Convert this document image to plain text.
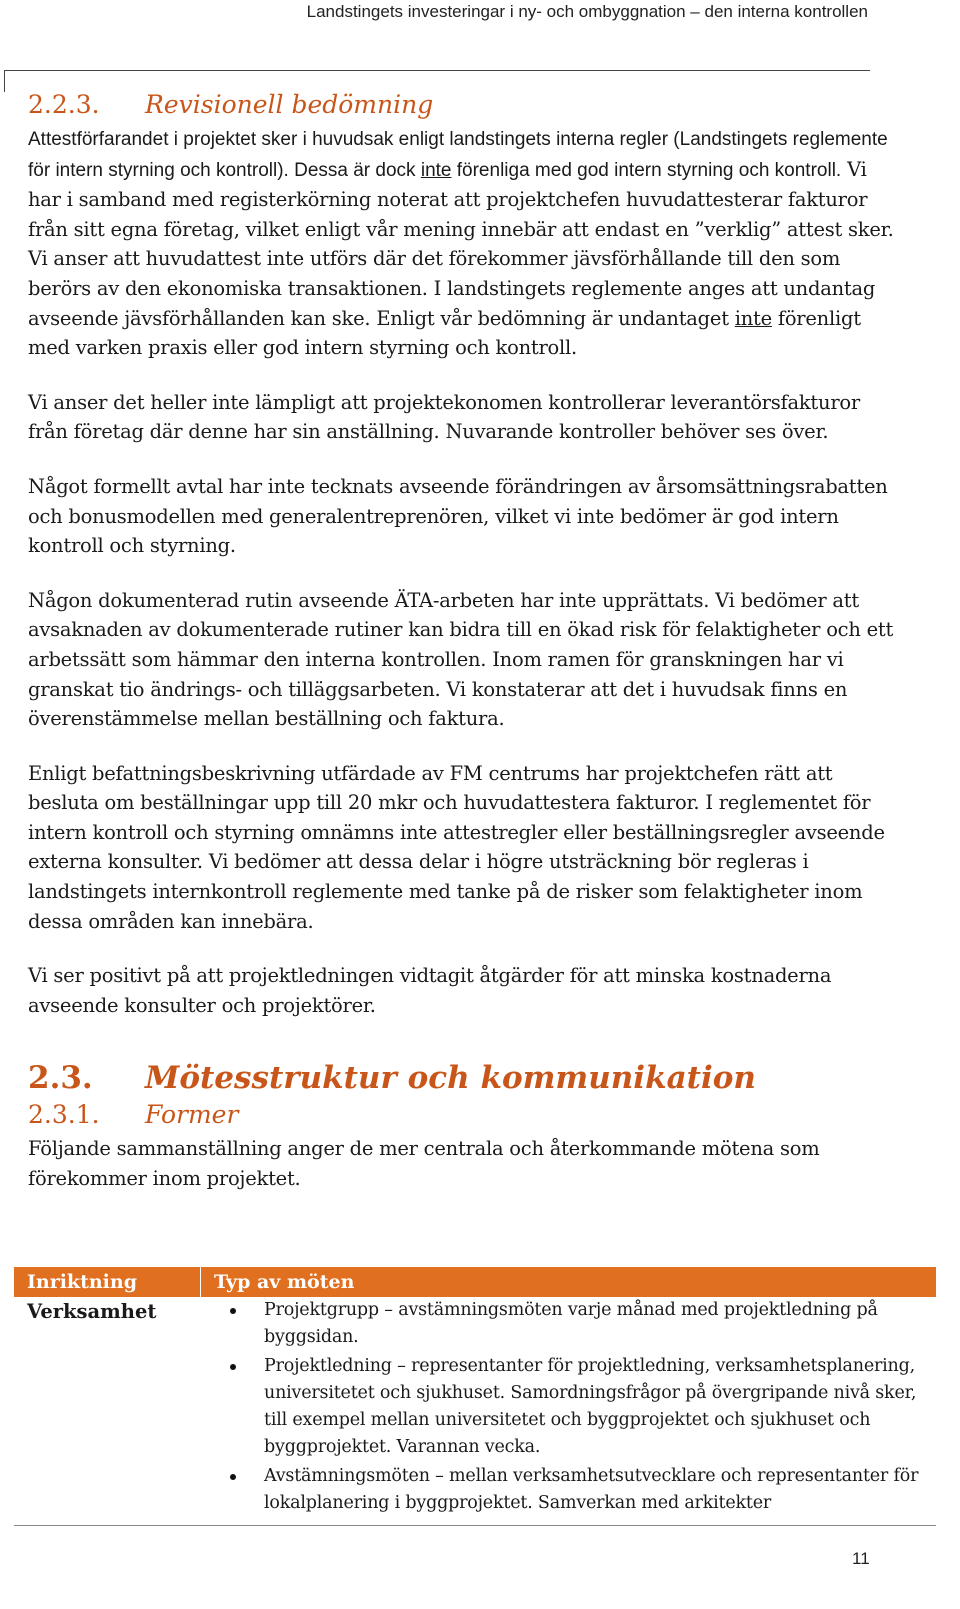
Landstingets investeringar i ny- och ombyggnation – den interna kontrollen
2.2.3.	Revisionell bedömning

Attestförfarandet i projektet sker i huvudsak enligt landstingets interna regler (Landstingets reglemente för intern styrning och kontroll). Dessa är dock inte förenliga med god intern styrning och kontroll. Vi har i samband med registerkörning noterat att projektchefen huvudattesterar fakturor från sitt egna företag, vilket enligt vår mening innebär att endast en ”verklig” attest sker. Vi anser att huvudattest inte utförs där det förekommer jävsförhållande till den som berörs av den ekonomiska transaktionen. I landstingets reglemente anges att undantag avseende jävsförhållanden kan ske. Enligt vår bedömning är undantaget inte förenligt med varken praxis eller god intern styrning och kontroll.

Vi anser det heller inte lämpligt att projektekonomen kontrollerar leverantörsfakturor från företag där denne har sin anställning. Nuvarande kontroller behöver ses över.

Något formellt avtal har inte tecknats avseende förändringen av årsomsättningsrabatten och bonusmodellen med generalentreprenören, vilket vi inte bedömer är god intern kontroll och styrning.

Någon dokumenterad rutin avseende ÄTA-arbeten har inte upprättats. Vi bedömer att avsaknaden av dokumenterade rutiner kan bidra till en ökad risk för felaktigheter och ett arbetssätt som hämmar den interna kontrollen. Inom ramen för granskningen har vi granskat tio ändrings- och tilläggsarbeten. Vi konstaterar att det i huvudsak finns en överenstämmelse mellan beställning och faktura.

Enligt befattningsbeskrivning utfärdade av FM centrums har projektchefen rätt att besluta om beställningar upp till 20 mkr och huvudattestera fakturor. I reglementet för intern kontroll och styrning omnämns inte attestregler eller beställningsregler avseende externa konsulter. Vi bedömer att dessa delar i högre utsträckning bör regleras i landstingets internkontroll reglemente med tanke på de risker som felaktigheter inom dessa områden kan innebära.

Vi ser positivt på att projektledningen vidtagit åtgärder för att minska kostnaderna avseende konsulter och projektörer.

2.3.	Mötesstruktur och kommunikation
2.3.1.	Former

Följande sammanställning anger de mer centrala och återkommande mötena som förekommer inom projektet.

Inriktning	Typ av möten
Verksamhet	Projektgrupp – avstämningsmöten varje månad med projektledning på byggsidan.
Projektledning – representanter för projektledning, verksamhetsplanering, universitetet och sjukhuset. Samordningsfrågor på övergripande nivå sker, till exempel mellan universitetet och byggprojektet och sjukhuset och byggprojektet. Varannan vecka.
Avstämningsmöten – mellan verksamhetsutvecklare och representanter för lokalplanering i byggprojektet. Samverkan med arkitekter
11
